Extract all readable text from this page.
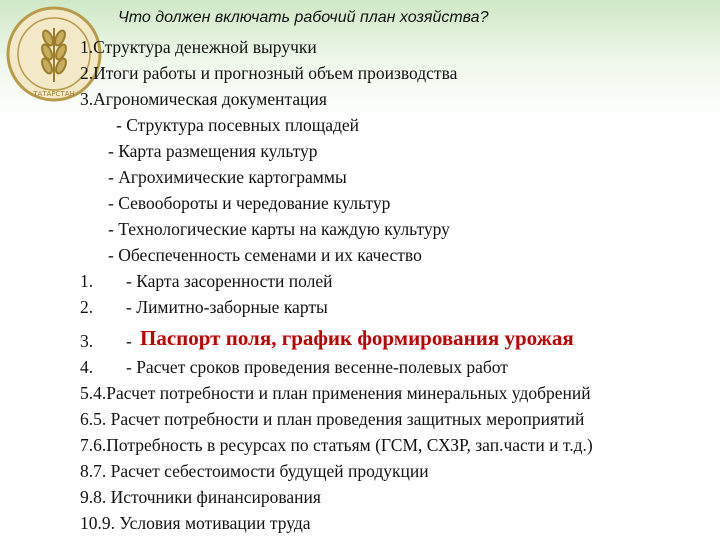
ТАТАРСТАН
Что должен включать рабочий план хозяйства?
1.Структура денежной выручки
2.Итоги работы и прогнозный объем производства
3.Агрономическая документация
- Структура посевных площадей
- Карта размещения культур
- Агрохимические картограммы
- Севообороты и чередование культур
- Технологические карты на каждую культуру
- Обеспеченность семенами и их качество
1. - Карта засоренности полей
2. - Лимитно-заборные карты
3. - Паспорт поля, график формирования урожая
4. - Расчет сроков проведения весенне-полевых работ
5.4.Расчет потребности и план применения минеральных удобрений
6.5. Расчет потребности и план проведения защитных мероприятий
7.6.Потребность в ресурсах по статьям (ГСМ, СХЗР, зап.части и т.д.)
8.7. Расчет себестоимости будущей продукции
9.8. Источники финансирования
10.9. Условия мотивации труда
